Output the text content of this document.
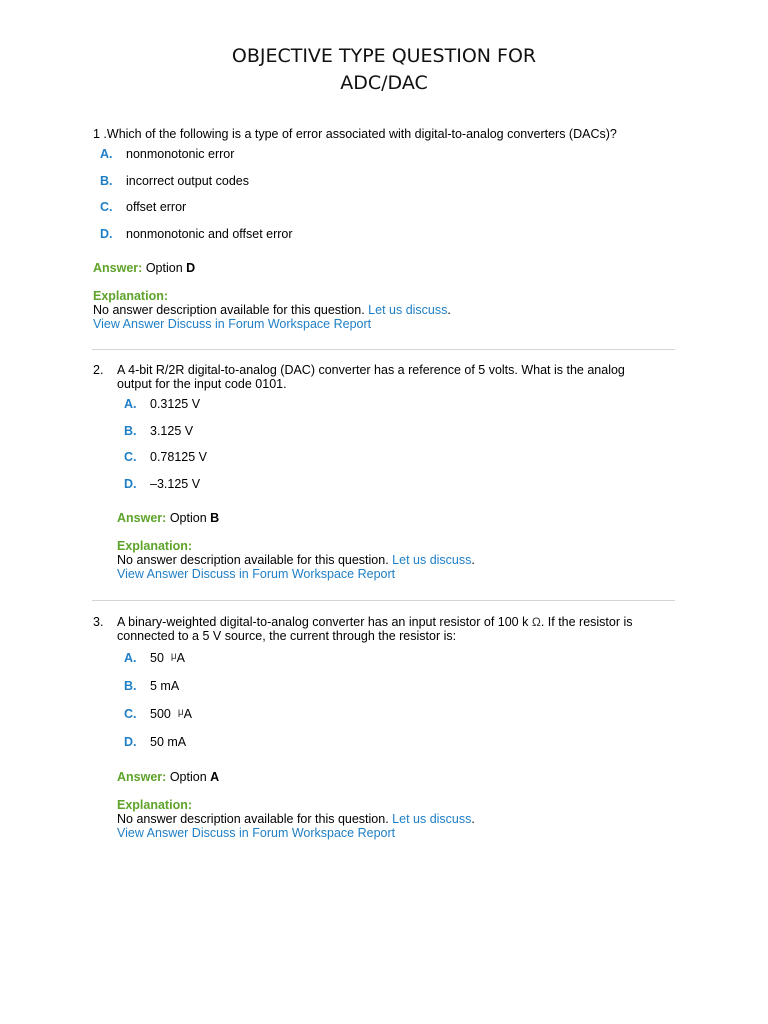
OBJECTIVE TYPE QUESTION FOR
ADC/DAC

1 .Which of the following is a type of error associated with digital-to-analog converters (DACs)?

A. nonmonotonic error
B. incorrect output codes
C. offset error
D. nonmonotonic and offset error
Answer: Option D
Explanation:
No answer description available for this question. Let us discuss.
View Answer Discuss in Forum Workspace Report
2. A 4-bit R/2R digital-to-analog (DAC) converter has a reference of 5 volts. What is the analog
output for the input code 0101.
A. 0.3125 V
B. 3.125 V
C. 0.78125 V
D. –3.125 V
Answer: Option B
Explanation:
No answer description available for this question. Let us discuss.
View Answer Discuss in Forum Workspace Report
3. A binary-weighted digital-to-analog converter has an input resistor of 100 k Ω. If the resistor is
connected to a 5 V source, the current through the resistor is:
A. 50 $^\mu$A
B. 5 mA
C. 500 $^\mu$A
D. 50 mA
Answer: Option A
Explanation:
No answer description available for this question. Let us discuss.
View Answer Discuss in Forum Workspace Report
